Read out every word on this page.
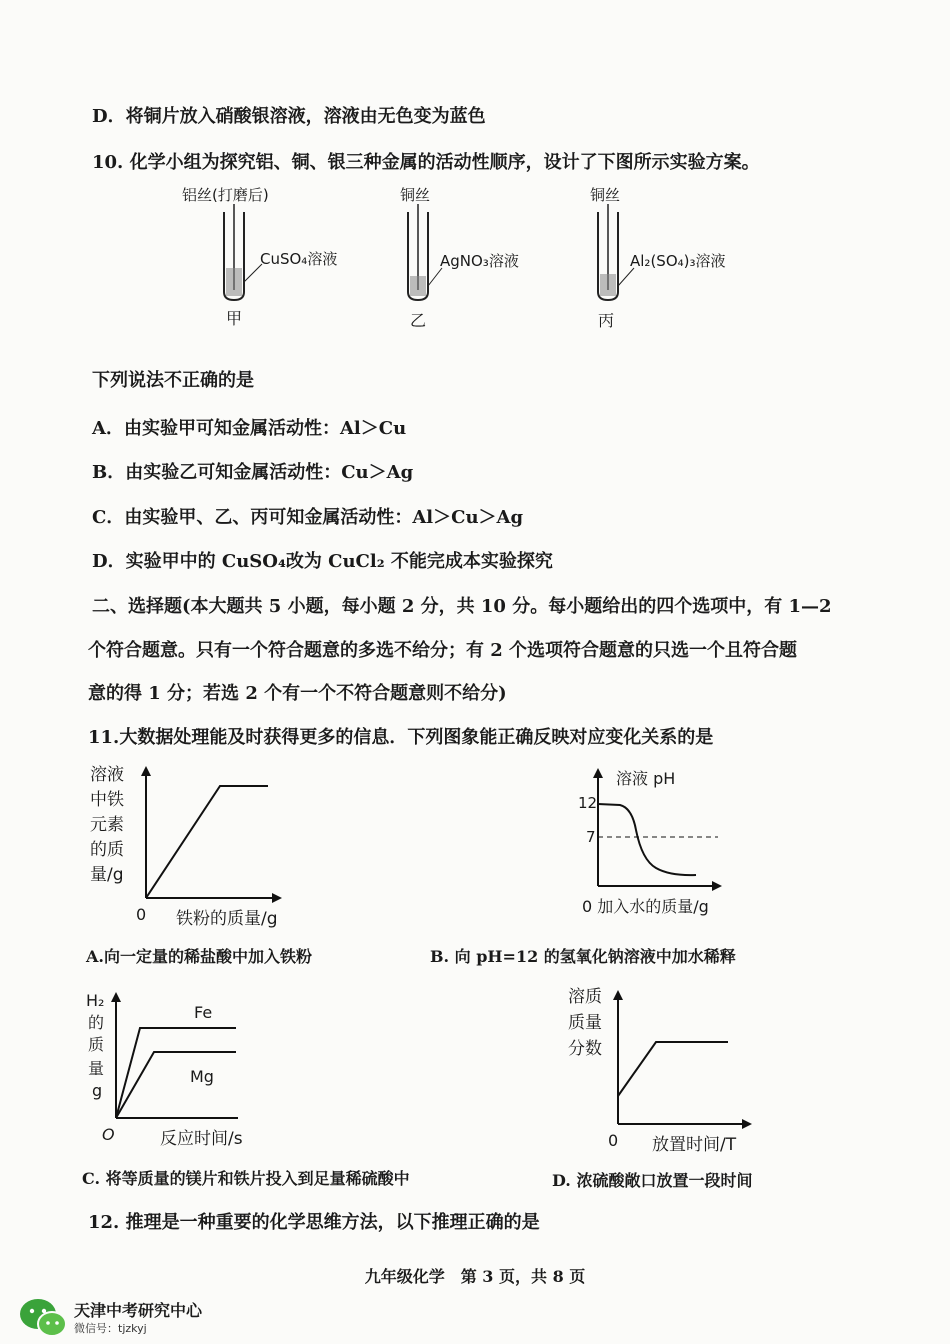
D．将铜片放入硝酸银溶液，溶液由无色变为蓝色
10. 化学小组为探究铝、铜、银三种金属的活动性顺序，设计了下图所示实验方案。
铝丝(打磨后)
CuSO₄溶液
甲
铜丝
AgNO₃溶液
乙
铜丝
Al₂(SO₄)₃溶液
丙
下列说法不正确的是
A．由实验甲可知金属活动性：Al＞Cu
B．由实验乙可知金属活动性：Cu＞Ag
C．由实验甲、乙、丙可知金属活动性：Al＞Cu＞Ag
D．实验甲中的 CuSO₄改为 CuCl₂ 不能完成本实验探究
二、选择题(本大题共 5 小题，每小题 2 分，共 10 分。每小题给出的四个选项中，有 1—2
个符合题意。只有一个符合题意的多选不给分；有 2 个选项符合题意的只选一个且符合题
意的得 1 分；若选 2 个有一个不符合题意则不给分)
11.大数据处理能及时获得更多的信息．下列图象能正确反映对应变化关系的是
溶液
中铁
元素
的质
量/g
0 铁粉的质量/g
溶液 pH
12
7
0 加入水的质量/g
A.向一定量的稀盐酸中加入铁粉	B. 向 pH=12 的氢氧化钠溶液中加水稀释
H₂
的
质
量
g
Fe
Mg
O	反应时间/s
溶质
质量
分数
0 放置时间/T
C. 将等质量的镁片和铁片投入到足量稀硫酸中	D. 浓硫酸敞口放置一段时间
12. 推理是一种重要的化学思维方法，以下推理正确的是
九年级化学　第 3 页，共 8 页
天津中考研究中心
微信号：tjzkyj
